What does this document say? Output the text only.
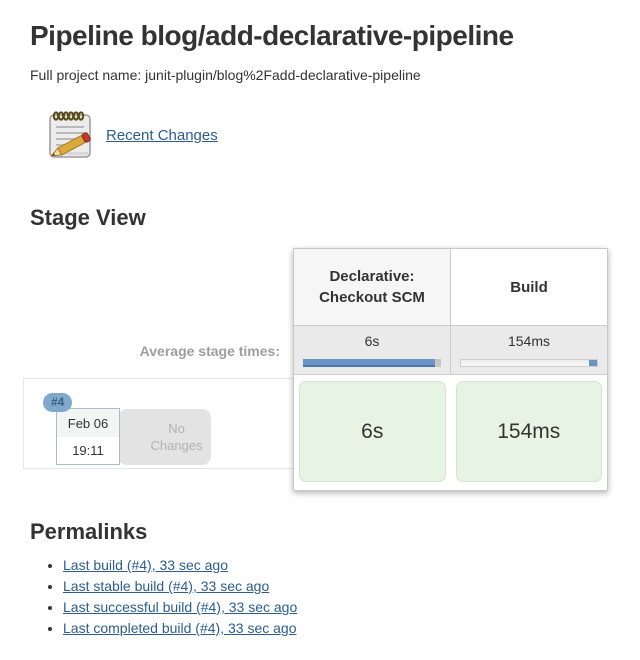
Pipeline blog/add-declarative-pipeline
Full project name: junit-plugin/blog%2Fadd-declarative-pipeline
Recent Changes
Stage View
Average stage times:
#4
Feb 06
19:11
No Changes
Declarative: Checkout SCM
Build
6s	154ms
6s	154ms
Permalinks
• Last build (#4), 33 sec ago
• Last stable build (#4), 33 sec ago
• Last successful build (#4), 33 sec ago
• Last completed build (#4), 33 sec ago
